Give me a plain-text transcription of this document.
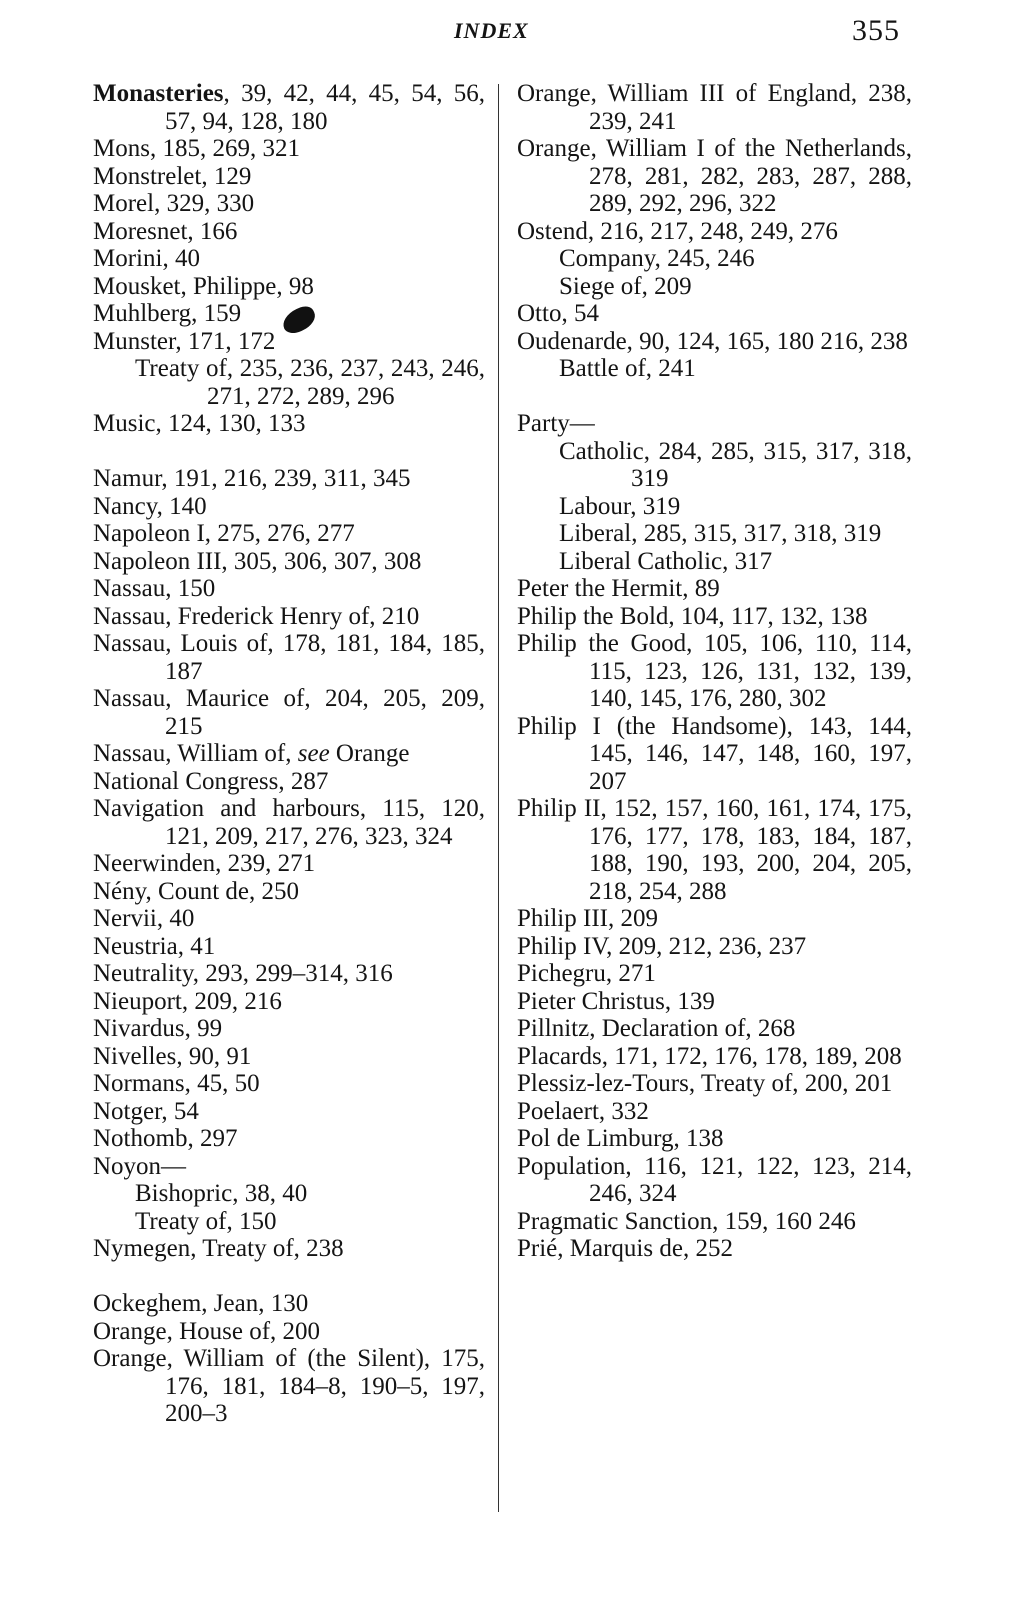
INDEX	355
Monasteries, 39, 42, 44, 45, 54, 56, 57, 94, 128, 180
Mons, 185, 269, 321
Monstrelet, 129
Morel, 329, 330
Moresnet, 166
Morini, 40
Mousket, Philippe, 98
Muhlberg, 159
Munster, 171, 172
Treaty of, 235, 236, 237, 243, 246, 271, 272, 289, 296
Music, 124, 130, 133
Namur, 191, 216, 239, 311, 345
Nancy, 140
Napoleon I, 275, 276, 277
Napoleon III, 305, 306, 307, 308
Nassau, 150
Nassau, Frederick Henry of, 210
Nassau, Louis of, 178, 181, 184, 185, 187
Nassau, Maurice of, 204, 205, 209, 215
Nassau, William of, see Orange
National Congress, 287
Navigation and harbours, 115, 120, 121, 209, 217, 276, 323, 324
Neerwinden, 239, 271
Nény, Count de, 250
Nervii, 40
Neustria, 41
Neutrality, 293, 299–314, 316
Nieuport, 209, 216
Nivardus, 99
Nivelles, 90, 91
Normans, 45, 50
Notger, 54
Nothomb, 297
Noyon—
Bishopric, 38, 40
Treaty of, 150
Nymegen, Treaty of, 238
Ockeghem, Jean, 130
Orange, House of, 200
Orange, William of (the Silent), 175, 176, 181, 184–8, 190–5, 197, 200–3
Orange, William III of England, 238, 239, 241
Orange, William I of the Netherlands, 278, 281, 282, 283, 287, 288, 289, 292, 296, 322
Ostend, 216, 217, 248, 249, 276
Company, 245, 246
Siege of, 209
Otto, 54
Oudenarde, 90, 124, 165, 180 216, 238
Battle of, 241
Party—
Catholic, 284, 285, 315, 317, 318, 319
Labour, 319
Liberal, 285, 315, 317, 318, 319
Liberal Catholic, 317
Peter the Hermit, 89
Philip the Bold, 104, 117, 132, 138
Philip the Good, 105, 106, 110, 114, 115, 123, 126, 131, 132, 139, 140, 145, 176, 280, 302
Philip I (the Handsome), 143, 144, 145, 146, 147, 148, 160, 197, 207
Philip II, 152, 157, 160, 161, 174, 175, 176, 177, 178, 183, 184, 187, 188, 190, 193, 200, 204, 205, 218, 254, 288
Philip III, 209
Philip IV, 209, 212, 236, 237
Pichegru, 271
Pieter Christus, 139
Pillnitz, Declaration of, 268
Placards, 171, 172, 176, 178, 189, 208
Plessiz-lez-Tours, Treaty of, 200, 201
Poelaert, 332
Pol de Limburg, 138
Population, 116, 121, 122, 123, 214, 246, 324
Pragmatic Sanction, 159, 160 246
Prié, Marquis de, 252
